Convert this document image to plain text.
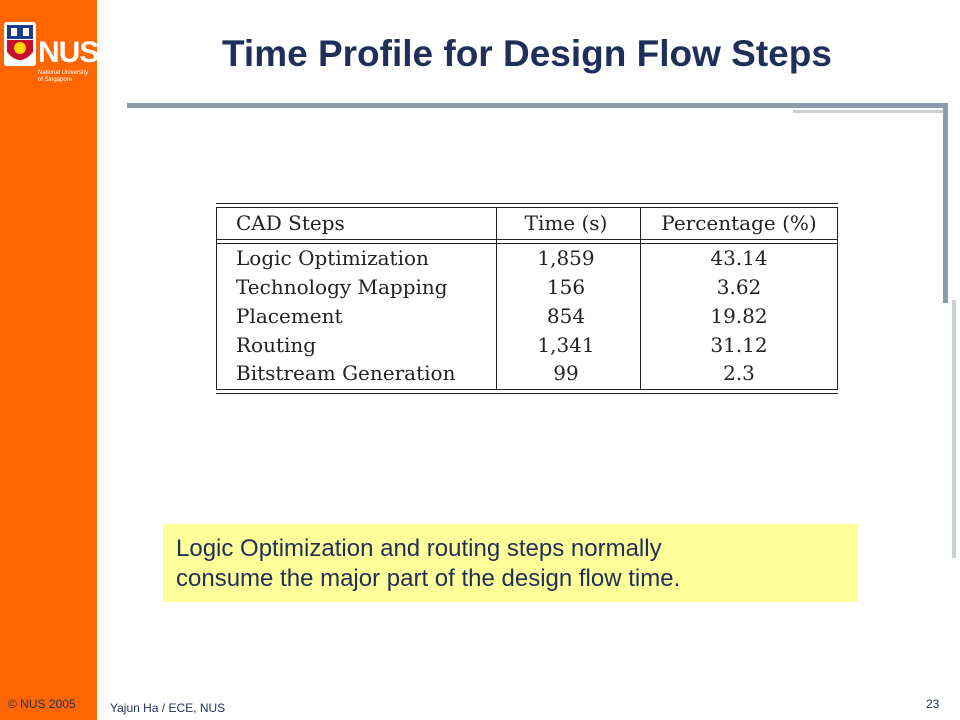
NUS
National University of Singapore
Time Profile for Design Flow Steps
CAD Steps	Time (s)	Percentage (%)
Logic Optimization	1,859	43.14
Technology Mapping	156	3.62
Placement	854	19.82
Routing	1,341	31.12
Bitstream Generation	99	2.3
Logic Optimization and routing steps normally
consume the major part of the design flow time.
© NUS 2005	Yajun Ha / ECE, NUS	23
